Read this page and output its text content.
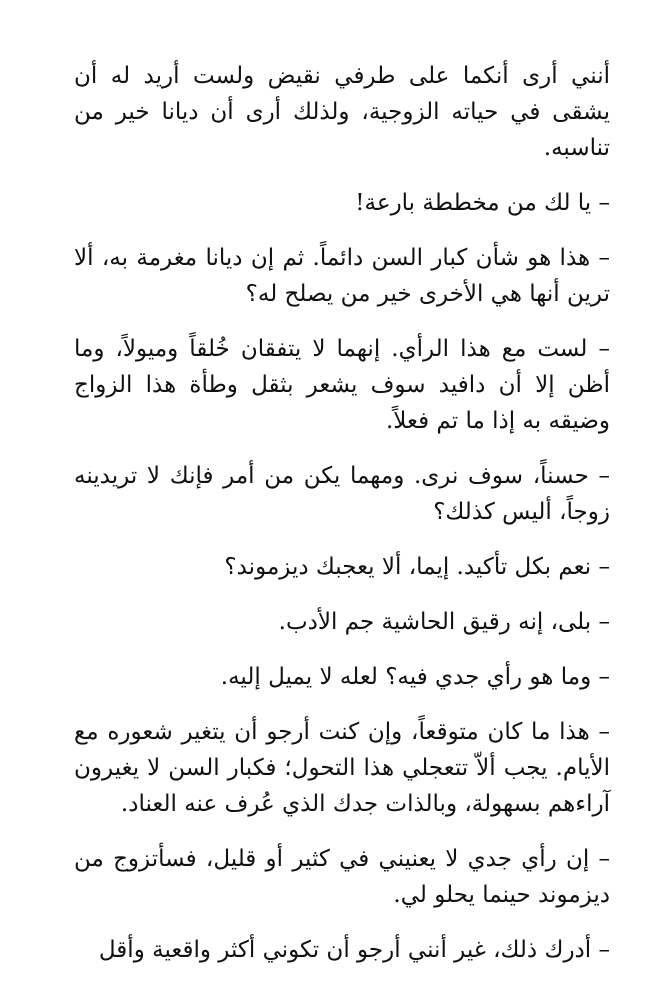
أنني أرى أنكما على طرفي نقيض ولست أريد له أن يشقى في حياته الزوجية، ولذلك أرى أن ديانا خير من تناسبه.

– يا لك من مخططة بارعة!

– هذا هو شأن كبار السن دائماً. ثم إن ديانا مغرمة به، ألا ترين أنها هي الأخرى خير من يصلح له؟

– لست مع هذا الرأي. إنهما لا يتفقان خُلقاً وميولاً، وما أظن إلا أن دافيد سوف يشعر بثقل وطأة هذا الزواج وضيقه به إذا ما تم فعلاً.

– حسناً، سوف نرى. ومهما يكن من أمر فإنك لا تريدينه زوجاً، أليس كذلك؟

– نعم بكل تأكيد. إيما، ألا يعجبك ديزموند؟

– بلى، إنه رقيق الحاشية جم الأدب.

– وما هو رأي جدي فيه؟ لعله لا يميل إليه.

– هذا ما كان متوقعاً، وإن كنت أرجو أن يتغير شعوره مع الأيام. يجب ألاّ تتعجلي هذا التحول؛ فكبار السن لا يغيرون آراءهم بسهولة، وبالذات جدك الذي عُرف عنه العناد.

– إن رأي جدي لا يعنيني في كثير أو قليل، فسأتزوج من ديزموند حينما يحلو لي.

– أدرك ذلك، غير أنني أرجو أن تكوني أكثر واقعية وأقل
